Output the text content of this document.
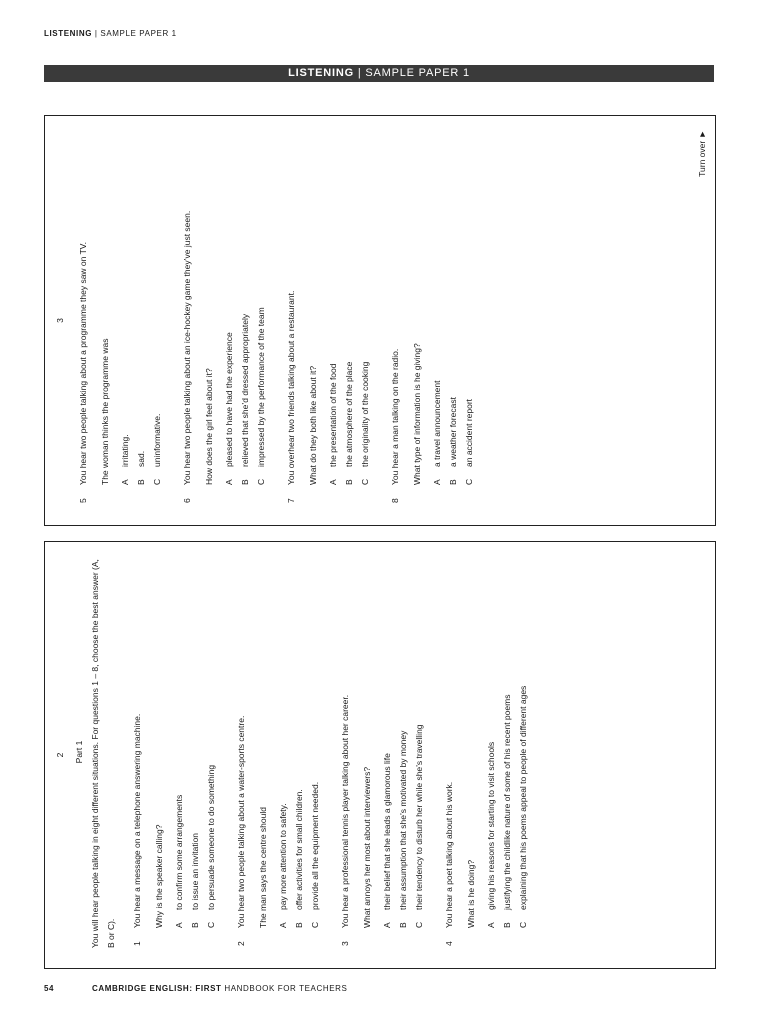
LISTENING | SAMPLE PAPER 1
LISTENING | SAMPLE PAPER 1
3
5
You hear two people talking about a programme they saw on TV.	The woman thinks the programme was	A
irritating.
B
sad.
C
uninformative.
6
You hear two people talking about an ice-hockey game they’ve just seen.	How does the girl feel about it?	A
pleased to have had the experience
B
relieved that she’d dressed appropriately
C
impressed by the performance of the team
7
You overhear two friends talking about a restaurant.	What do they both like about it?	A
the presentation of the food
B
the atmosphere of the place
C
the originality of the cooking
8
You hear a man talking on the radio.	What type of information is he giving?	A
a travel announcement
B
a weather forecast
C
an accident report
Turn over ►
2	Part 1 You will hear people talking in eight different situations. For questions 1 – 8, choose the best answer (A, B or C).	1
You hear a message on a telephone answering machine.	Why is the speaker calling?	A
to confirm some arrangements
B
to issue an invitation
C
to persuade someone to do something
2
You hear two people talking about a water-sports centre.	The man says the centre should	A
pay more attention to safety.
B
offer activities for small children.
C
provide all the equipment needed.
3
You hear a professional tennis player talking about her career.	What annoys her most about interviewers?	A
their belief that she leads a glamorous life
B
their assumption that she’s motivated by money
C
their tendency to disturb her while she’s travelling
4
You hear a poet talking about his work.	What is he doing?	A
giving his reasons for starting to visit schools
B
justifying the childlike nature of some of his recent poems
C
explaining that his poems appeal to people of different ages
54	CAMBRIDGE ENGLISH: FIRST HANDBOOK FOR TEACHERS
